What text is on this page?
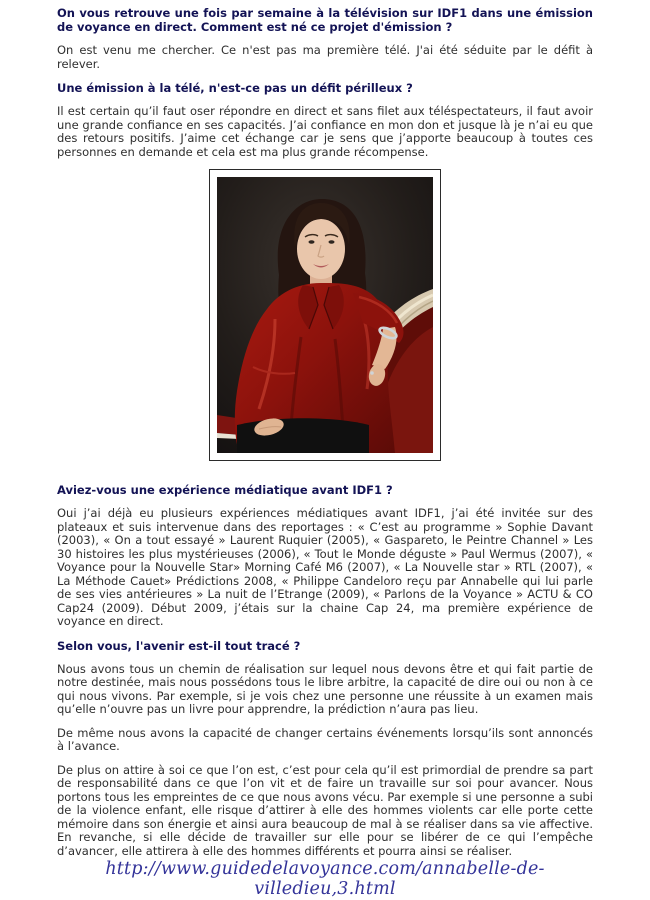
On vous retrouve une fois par semaine à la télévision sur IDF1 dans une émission de voyance en direct. Comment est né ce projet d'émission ?

On est venu me chercher. Ce n'est pas ma première télé. J'ai été séduite par le défit à relever.

Une émission à la télé, n'est-ce pas un défit périlleux ?

Il est certain qu’il faut oser répondre en direct et sans filet aux téléspectateurs, il faut avoir une grande confiance en ses capacités. J’ai confiance en mon don et jusque là je n’ai eu que des retours positifs. J’aime cet échange car je sens que j’apporte beaucoup à toutes ces personnes en demande et cela est ma plus grande récompense.

Aviez-vous une expérience médiatique avant IDF1 ?

Oui j’ai déjà eu plusieurs expériences médiatiques avant IDF1, j’ai été invitée sur des plateaux et suis intervenue dans des reportages : « C’est au programme » Sophie Davant (2003), « On a tout essayé » Laurent Ruquier (2005), « Gaspareto, le Peintre Channel » Les 30 histoires les plus mystérieuses (2006), « Tout le Monde déguste » Paul Wermus (2007), « Voyance pour la Nouvelle Star» Morning Café M6 (2007), « La Nouvelle star » RTL (2007), « La Méthode Cauet» Prédictions 2008, « Philippe Candeloro reçu par Annabelle qui lui parle de ses vies antérieures » La nuit de l’Etrange (2009), « Parlons de la Voyance » ACTU & CO Cap24 (2009). Début 2009, j’étais sur la chaine Cap 24, ma première expérience de voyance en direct.

Selon vous, l'avenir est-il tout tracé ?

Nous avons tous un chemin de réalisation sur lequel nous devons être et qui fait partie de notre destinée, mais nous possédons tous le libre arbitre, la capacité de dire oui ou non à ce qui nous vivons. Par exemple, si je vois chez une personne une réussite à un examen mais qu’elle n’ouvre pas un livre pour apprendre, la prédiction n’aura pas lieu.

De même nous avons la capacité de changer certains événements lorsqu’ils sont annoncés à l’avance.

De plus on attire à soi ce que l’on est, c’est pour cela qu’il est primordial de prendre sa part de responsabilité dans ce que l’on vit et de faire un travaille sur soi pour avancer. Nous portons tous les empreintes de ce que nous avons vécu. Par exemple si une personne a subi de la violence enfant, elle risque d’attirer à elle des hommes violents car elle porte cette mémoire dans son énergie et ainsi aura beaucoup de mal à se réaliser dans sa vie affective. En revanche, si elle décide de travailler sur elle pour se libérer de ce qui l’empêche d’avancer, elle attirera à elle des hommes différents et pourra ainsi se réaliser.

http://www.guidedelavoyance.com/annabelle-de-villedieu,3.html
